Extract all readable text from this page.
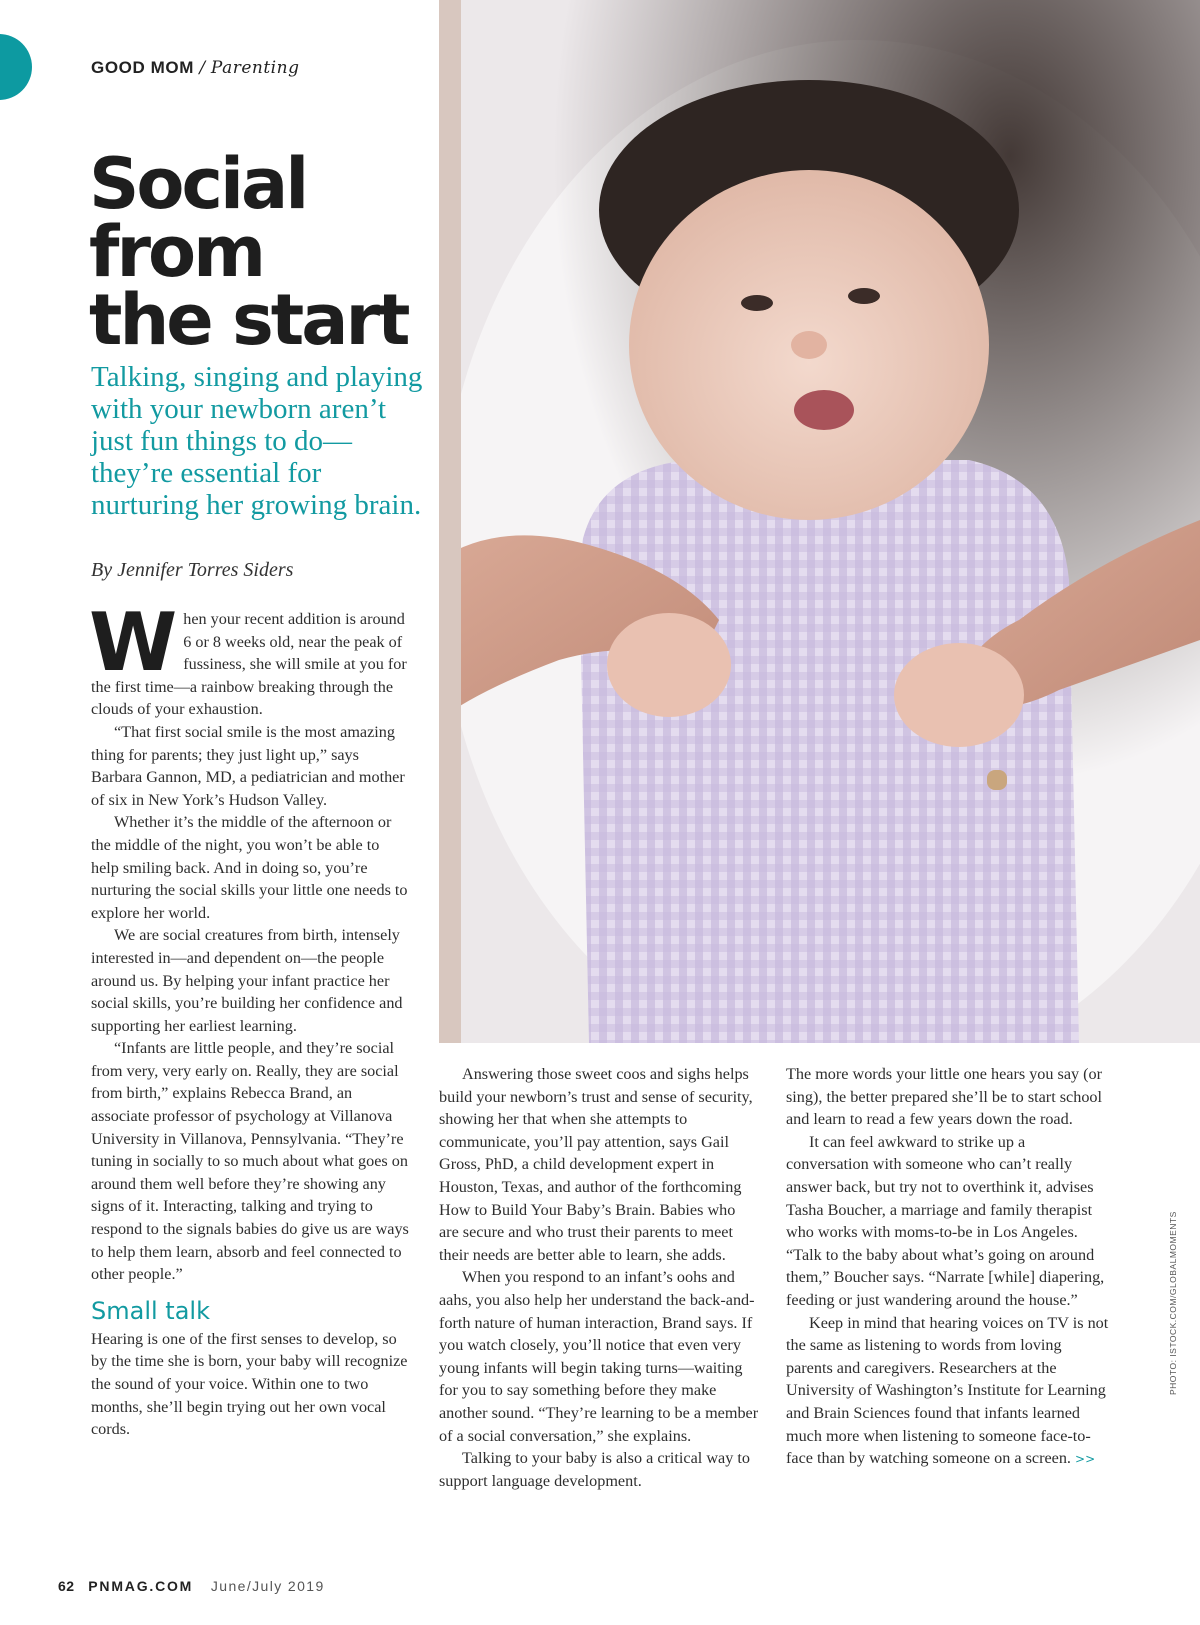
GOOD MOM / Parenting
Social
from
the start

Talking, singing and playing with your newborn aren’t just fun things to do—they’re essential for nurturing her growing brain.

By Jennifer Torres Siders
PHOTO: ISTOCK.COM/GLOBALMOMENTS

When your recent addition is around 6 or 8 weeks old, near the peak of fussiness, she will smile at you for the first time—a rainbow breaking through the clouds of your exhaustion.

“That first social smile is the most amazing thing for parents; they just light up,” says Barbara Gannon, MD, a pediatrician and mother of six in New York’s Hudson Valley.

Whether it’s the middle of the afternoon or the middle of the night, you won’t be able to help smiling back. And in doing so, you’re nurturing the social skills your little one needs to explore her world.

We are social creatures from birth, intensely interested in—and dependent on—the people around us. By helping your infant practice her social skills, you’re building her confidence and supporting her earliest learning.

“Infants are little people, and they’re social from very, very early on. Really, they are social from birth,” explains Rebecca Brand, an associate professor of psychology at Villanova University in Villanova, Pennsylvania. “They’re tuning in socially to so much about what goes on around them well before they’re showing any signs of it. Interacting, talking and trying to respond to the signals babies do give us are ways to help them learn, absorb and feel connected to other people.”

Small talk

Hearing is one of the first senses to develop, so by the time she is born, your baby will recognize the sound of your voice. Within one to two months, she’ll begin trying out her own vocal cords.

Answering those sweet coos and sighs helps build your newborn’s trust and sense of security, showing her that when she attempts to communicate, you’ll pay attention, says Gail Gross, PhD, a child development expert in Houston, Texas, and author of the forthcoming How to Build Your Baby’s Brain. Babies who are secure and who trust their parents to meet their needs are better able to learn, she adds.

When you respond to an infant’s oohs and aahs, you also help her understand the back-and-forth nature of human interaction, Brand says. If you watch closely, you’ll notice that even very young infants will begin taking turns—waiting for you to say something before they make another sound. “They’re learning to be a member of a social conversation,” she explains.

Talking to your baby is also a critical way to support language development.

The more words your little one hears you say (or sing), the better prepared she’ll be to start school and learn to read a few years down the road.

It can feel awkward to strike up a conversation with someone who can’t really answer back, but try not to overthink it, advises Tasha Boucher, a marriage and family therapist who works with moms-to-be in Los Angeles. “Talk to the baby about what’s going on around them,” Boucher says. “Narrate [while] diapering, feeding or just wandering around the house.”

Keep in mind that hearing voices on TV is not the same as listening to words from loving parents and caregivers. Researchers at the University of Washington’s Institute for Learning and Brain Sciences found that infants learned much more when listening to someone face-to-face than by watching someone on a screen. >>

62 PNMAG.COM June/July 2019
